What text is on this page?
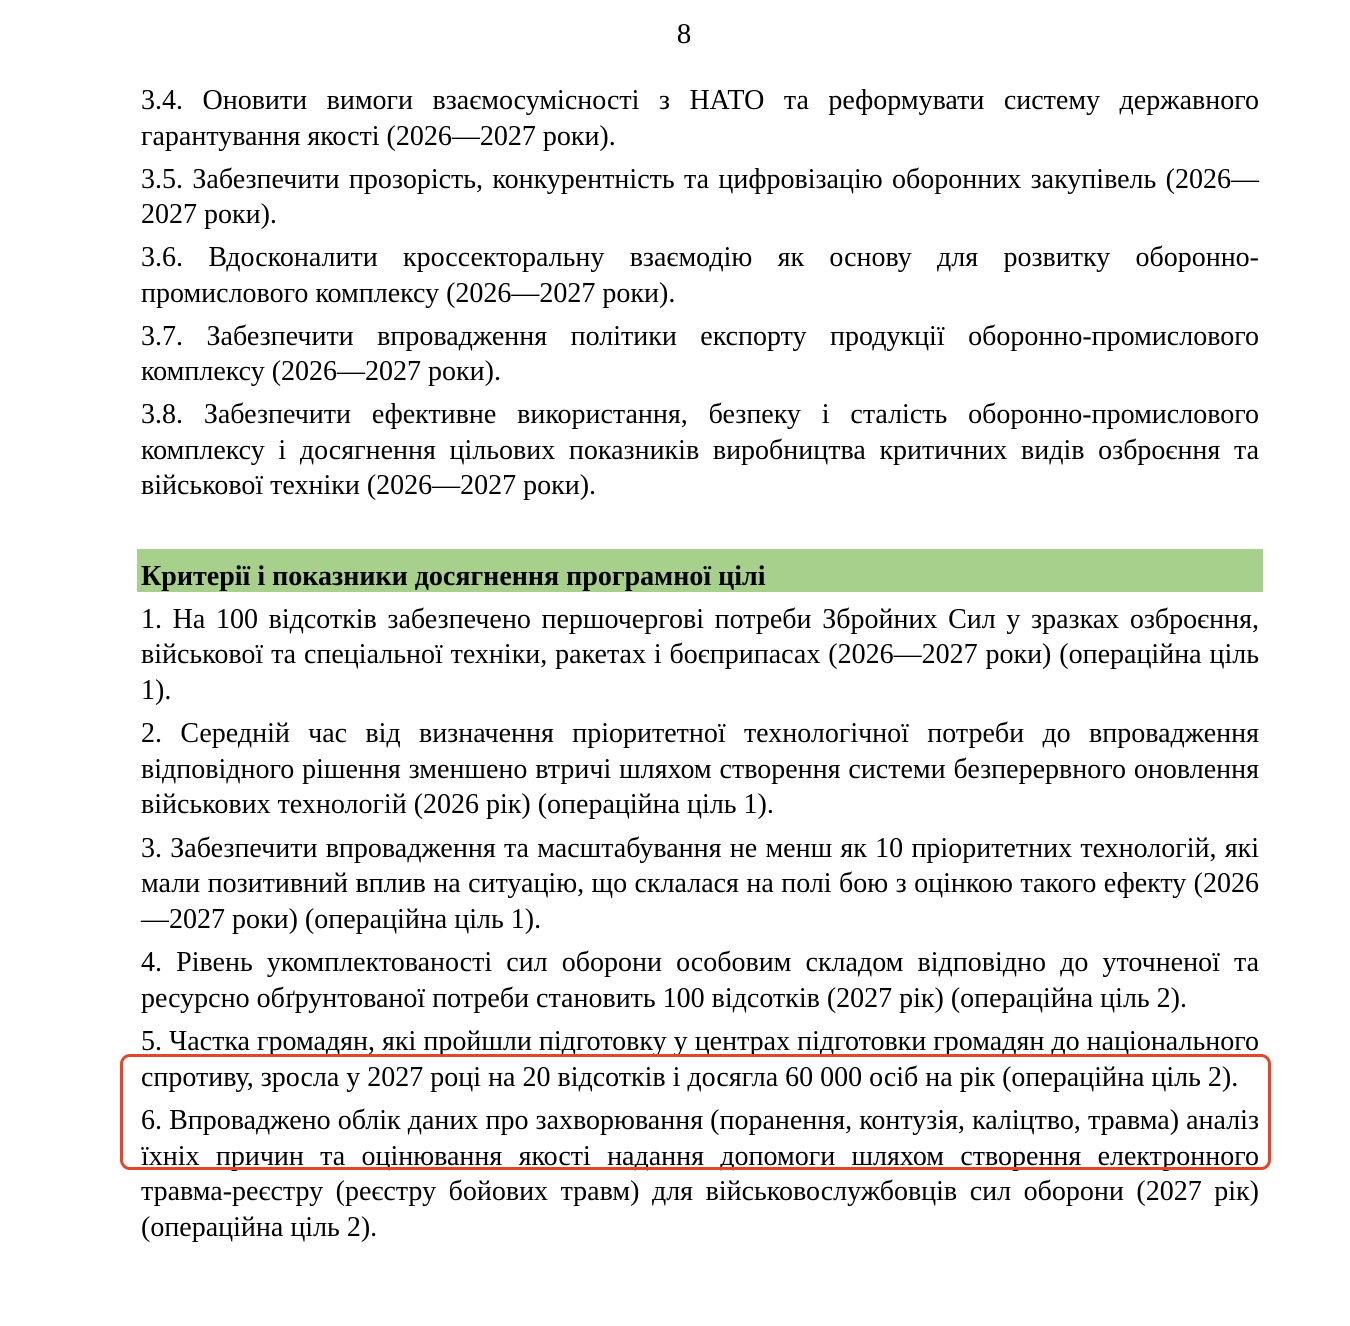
8

3.4. Оновити вимоги взаємосумісності з НАТО та реформувати систему державного гарантування якості (2026—2027 роки).

3.5. Забезпечити прозорість, конкурентність та цифровізацію оборонних закупівель (2026—2027 роки).

3.6. Вдосконалити кроссекторальну взаємодію як основу для розвитку оборонно-промислового комплексу (2026—2027 роки).

3.7. Забезпечити впровадження політики експорту продукції оборонно-промислового комплексу (2026—2027 роки).

3.8. Забезпечити ефективне використання, безпеку і сталість оборонно-промислового комплексу і досягнення цільових показників виробництва критичних видів озброєння та військової техніки (2026—2027 роки).

Критерії і показники досягнення програмної цілі

1. На 100 відсотків забезпечено першочергові потреби Збройних Сил у зразках озброєння, військової та спеціальної техніки, ракетах і боєприпасах (2026—2027 роки) (операційна ціль 1).

2. Середній час від визначення пріоритетної технологічної потреби до впровадження відповідного рішення зменшено втричі шляхом створення системи безперервного оновлення військових технологій (2026 рік) (операційна ціль 1).

3. Забезпечити впровадження та масштабування не менш як 10 пріоритетних технологій, які мали позитивний вплив на ситуацію, що склалася на полі бою з оцінкою такого ефекту (2026—2027 роки) (операційна ціль 1).

4. Рівень укомплектованості сил оборони особовим складом відповідно до уточненої та ресурсно обґрунтованої потреби становить 100 відсотків (2027 рік) (операційна ціль 2).

5. Частка громадян, які пройшли підготовку у центрах підготовки громадян до національного спротиву, зросла у 2027 році на 20 відсотків і досягла 60 000 осіб на рік (операційна ціль 2).

6. Впроваджено облік даних про захворювання (поранення, контузія, каліцтво, травма) аналіз їхніх причин та оцінювання якості надання допомоги шляхом створення електронного травма-реєстру (реєстру бойових травм) для військовослужбовців сил оборони (2027 рік) (операційна ціль 2).
